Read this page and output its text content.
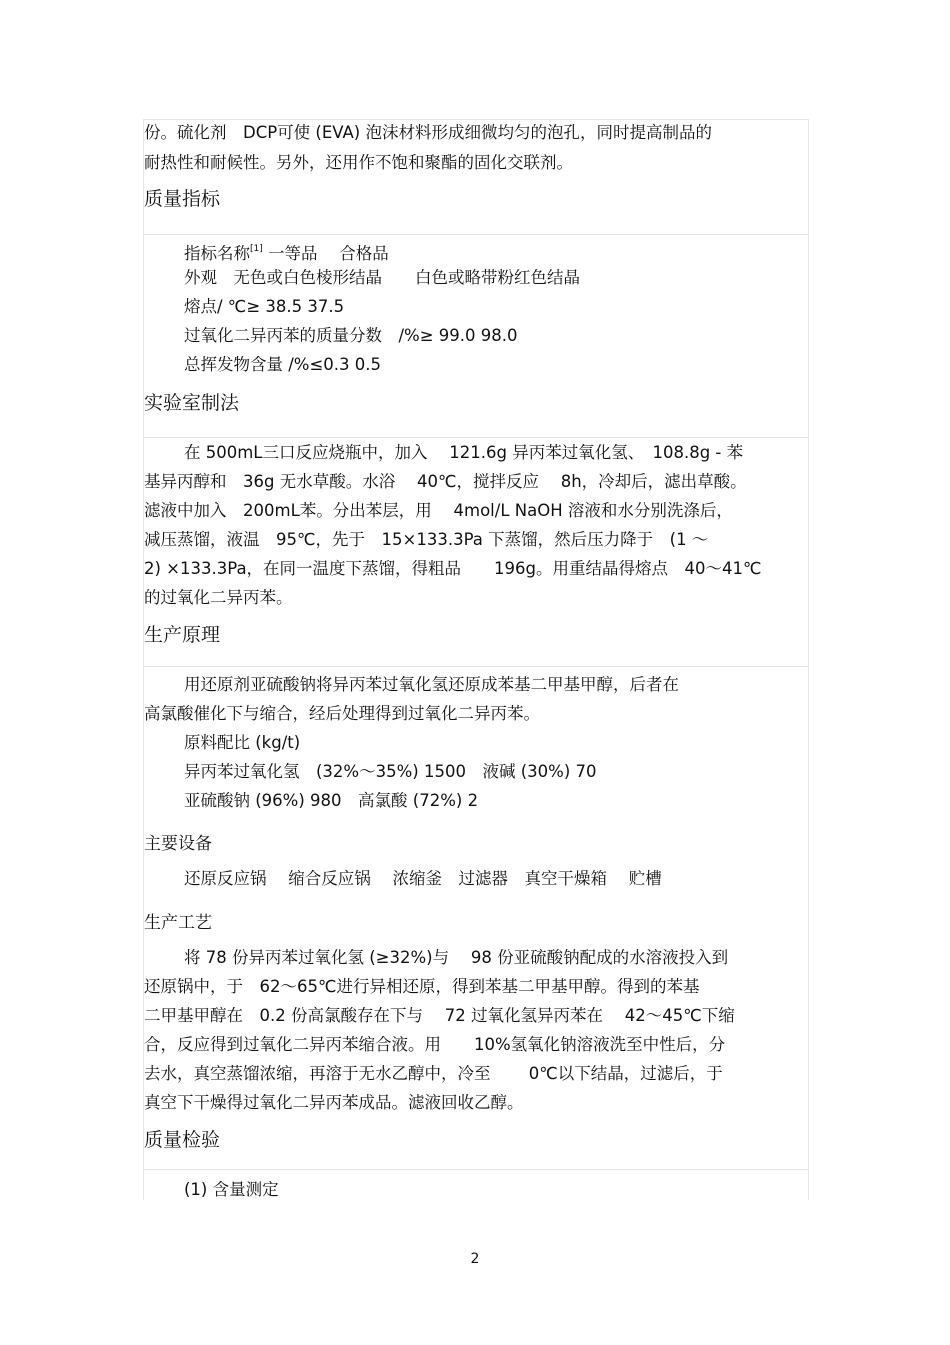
份。硫化剂　DCP可使 (EVA) 泡沫材料形成细微均匀的泡孔，同时提高制品的
耐热性和耐候性。另外，还用作不饱和聚酯的固化交联剂。
质量指标
指标名称[1] 一等品　 合格品
外观　无色或白色棱形结晶　　白色或略带粉红色结晶
熔点/ ℃≥ 38.5 37.5
过氧化二异丙苯的质量分数　/%≥ 99.0 98.0
总挥发物含量 /%≤0.3 0.5
实验室制法
在 500mL三口反应烧瓶中，加入　 121.6g 异丙苯过氧化氢、　108.8g - 苯
基异丙醇和　36g 无水草酸。水浴　 40℃，搅拌反应　 8h，冷却后，滤出草酸。
滤液中加入　200mL苯。分出苯层，用　 4mol/L NaOH 溶液和水分别洗涤后，
减压蒸馏，液温　95℃，先于　15×133.3Pa 下蒸馏，然后压力降于　(1 ～
2) ×133.3Pa，在同一温度下蒸馏，得粗品　　196g。用重结晶得熔点　40～41℃
的过氧化二异丙苯。
生产原理
用还原剂亚硫酸钠将异丙苯过氧化氢还原成苯基二甲基甲醇，后者在
高氯酸催化下与缩合，经后处理得到过氧化二异丙苯。
原料配比 (kg/t)
异丙苯过氧化氢　(32%～35%) 1500　液碱 (30%) 70
亚硫酸钠 (96%) 980　高氯酸 (72%) 2
主要设备
还原反应锅　 缩合反应锅　 浓缩釜　过滤器　真空干燥箱　 贮槽
生产工艺
将 78 份异丙苯过氧化氢 (≥32%)与　 98 份亚硫酸钠配成的水溶液投入到
还原锅中，于　62～65℃进行异相还原，得到苯基二甲基甲醇。得到的苯基
二甲基甲醇在　0.2 份高氯酸存在下与　 72 过氧化氢异丙苯在　 42～45℃下缩
合，反应得到过氧化二异丙苯缩合液。用　　10%氢氧化钠溶液洗至中性后，分
去水，真空蒸馏浓缩，再溶于无水乙醇中，冷至　　 0℃以下结晶，过滤后，于
真空下干燥得过氧化二异丙苯成品。滤液回收乙醇。
质量检验
(1) 含量测定
2
